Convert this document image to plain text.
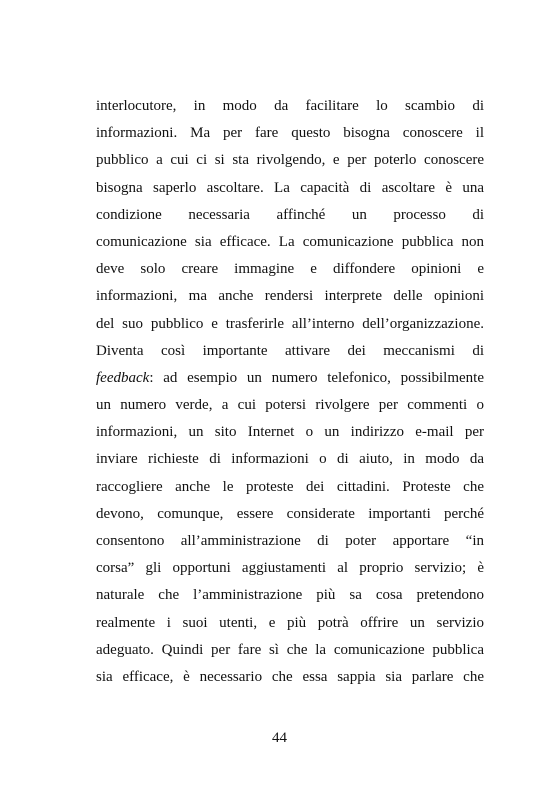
interlocutore, in modo da facilitare lo scambio di
informazioni. Ma per fare questo bisogna conoscere il
pubblico a cui ci si sta rivolgendo, e per poterlo conoscere
bisogna saperlo ascoltare. La capacità di ascoltare è una
condizione necessaria affinché un processo di
comunicazione sia efficace. La comunicazione pubblica non
deve solo creare immagine e diffondere opinioni e
informazioni, ma anche rendersi interprete delle opinioni
del suo pubblico e trasferirle all’interno dell’organizzazione.
Diventa così importante attivare dei meccanismi di
feedback: ad esempio un numero telefonico, possibilmente
un numero verde, a cui potersi rivolgere per commenti o
informazioni, un sito Internet o un indirizzo e-mail per
inviare richieste di informazioni o di aiuto, in modo da
raccogliere anche le proteste dei cittadini. Proteste che
devono, comunque, essere considerate importanti perché
consentono all’amministrazione di poter apportare “in
corsa” gli opportuni aggiustamenti al proprio servizio; è
naturale che l’amministrazione più sa cosa pretendono
realmente i suoi utenti, e più potrà offrire un servizio
adeguato. Quindi per fare sì che la comunicazione pubblica
sia efficace, è necessario che essa sappia sia parlare che
44
